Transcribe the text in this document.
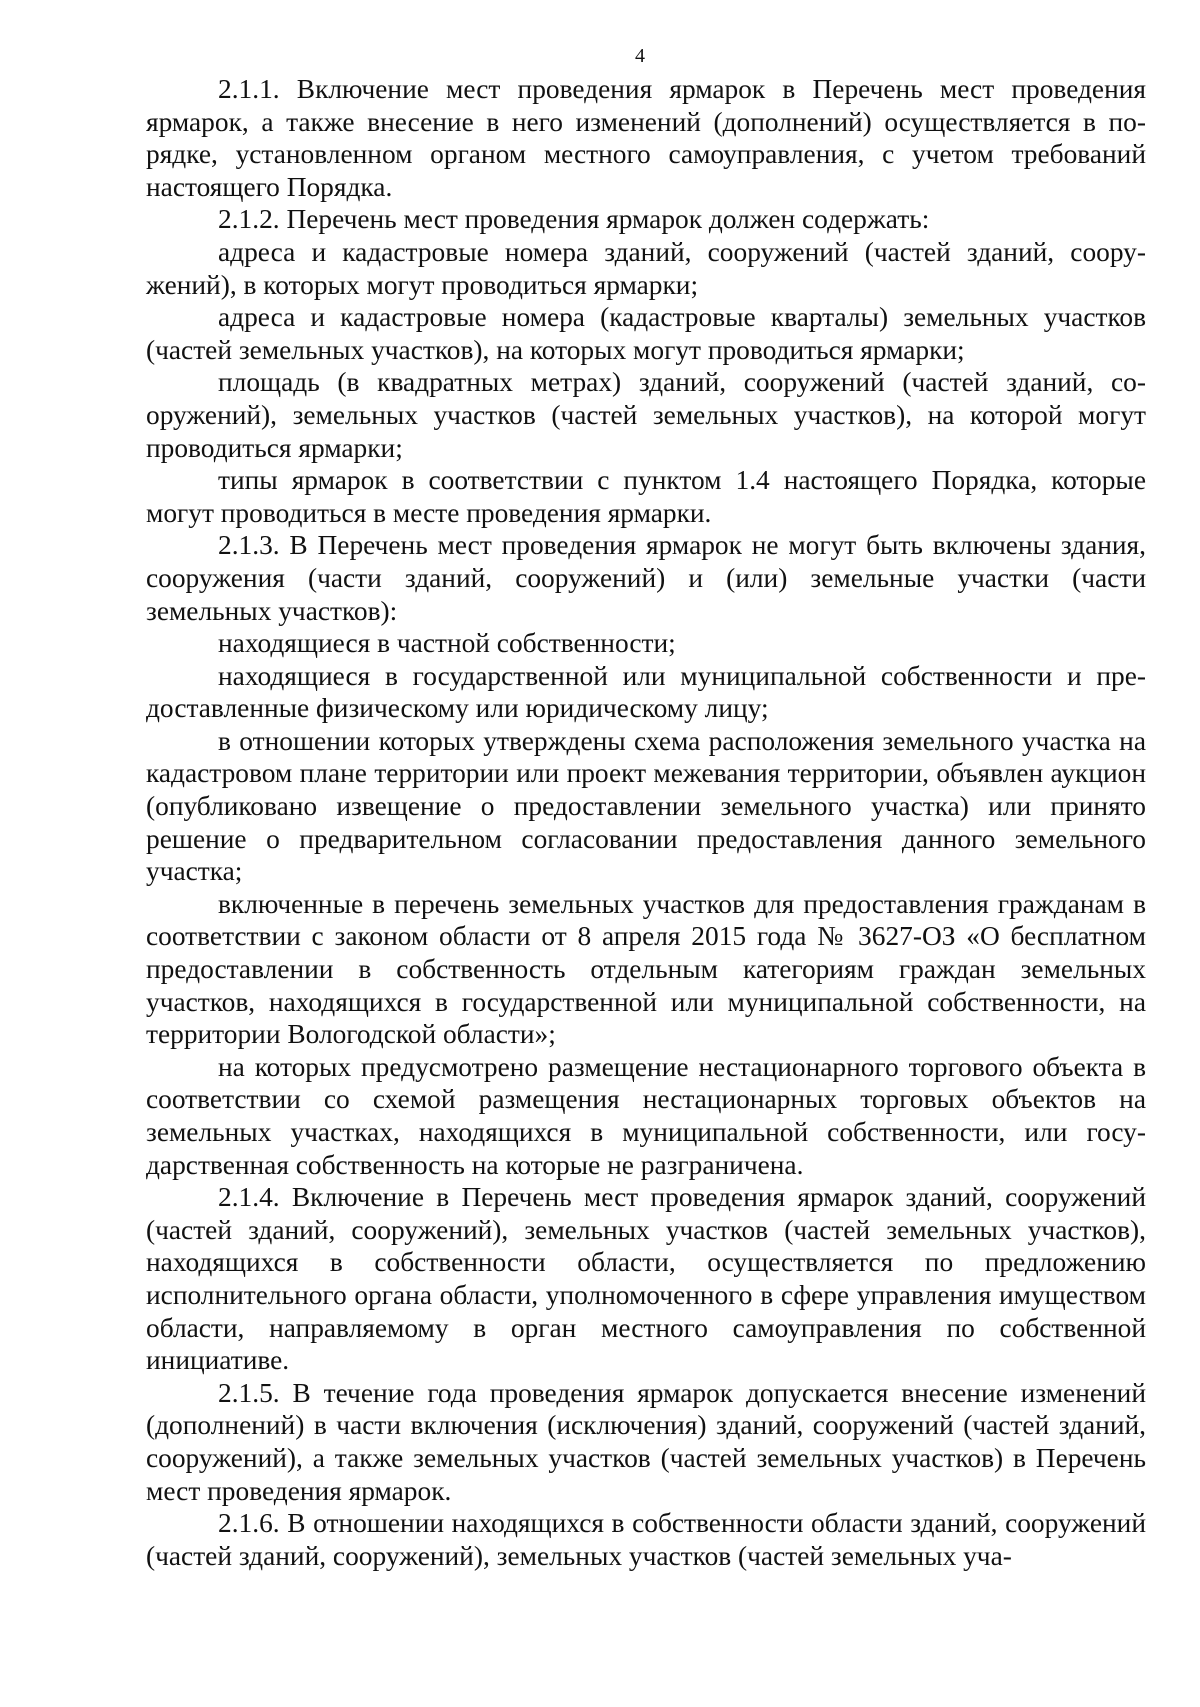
4

2.1.1. Включение мест проведения ярмарок в Перечень мест проведения ярмарок, а также внесение в него изменений (дополнений) осуществляется в порядке, установленном органом местного самоуправления, с учетом требований настоящего Порядка.

2.1.2. Перечень мест проведения ярмарок должен содержать:

адреса и кадастровые номера зданий, сооружений (частей зданий, сооружений), в которых могут проводиться ярмарки;

адреса и кадастровые номера (кадастровые кварталы) земельных участков (частей земельных участков), на которых могут проводиться ярмарки;

площадь (в квадратных метрах) зданий, сооружений (частей зданий, сооружений), земельных участков (частей земельных участков), на которой могут проводиться ярмарки;

типы ярмарок в соответствии с пунктом 1.4 настоящего Порядка, которые могут проводиться в месте проведения ярмарки.

2.1.3. В Перечень мест проведения ярмарок не могут быть включены здания, сооружения (части зданий, сооружений) и (или) земельные участки (части земельных участков):

находящиеся в частной собственности;

находящиеся в государственной или муниципальной собственности и предоставленные физическому или юридическому лицу;

в отношении которых утверждены схема расположения земельного участка на кадастровом плане территории или проект межевания территории, объявлен аукцион (опубликовано извещение о предоставлении земельного участка) или принято решение о предварительном согласовании предоставления данного земельного участка;

включенные в перечень земельных участков для предоставления гражданам в соответствии с законом области от 8 апреля 2015 года № 3627-ОЗ «О бесплатном предоставлении в собственность отдельным категориям граждан земельных участков, находящихся в государственной или муниципальной собственности, на территории Вологодской области»;

на которых предусмотрено размещение нестационарного торгового объекта в соответствии со схемой размещения нестационарных торговых объектов на земельных участках, находящихся в муниципальной собственности, или государственная собственность на которые не разграничена.

2.1.4. Включение в Перечень мест проведения ярмарок зданий, сооружений (частей зданий, сооружений), земельных участков (частей земельных участков), находящихся в собственности области, осуществляется по предложению исполнительного органа области, уполномоченного в сфере управления имуществом области, направляемому в орган местного самоуправления по собственной инициативе.

2.1.5. В течение года проведения ярмарок допускается внесение изменений (дополнений) в части включения (исключения) зданий, сооружений (частей зданий, сооружений), а также земельных участков (частей земельных участков) в Перечень мест проведения ярмарок.

2.1.6. В отношении находящихся в собственности области зданий, сооружений (частей зданий, сооружений), земельных участков (частей земельных уча-
